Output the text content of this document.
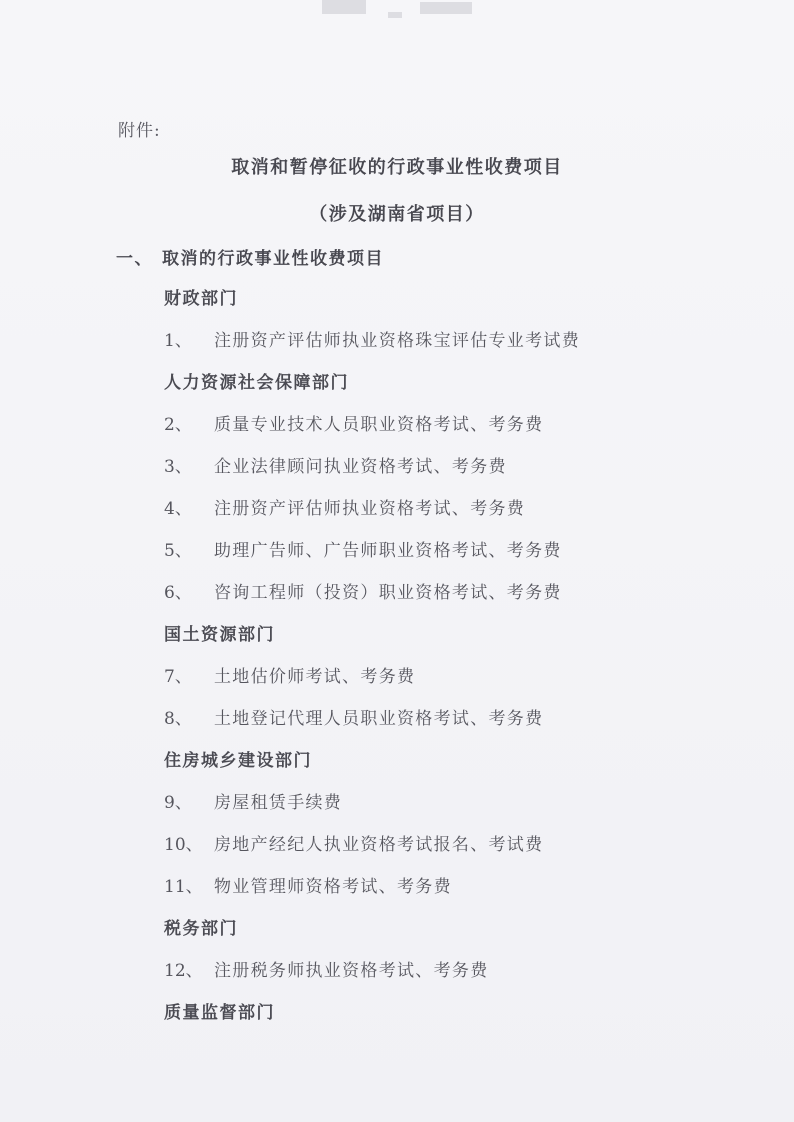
附件:
取消和暂停征收的行政事业性收费项目
（涉及湖南省项目）
一、 取消的行政事业性收费项目
财政部门
1、 注册资产评估师执业资格珠宝评估专业考试费
人力资源社会保障部门
2、 质量专业技术人员职业资格考试、考务费
3、 企业法律顾问执业资格考试、考务费
4、 注册资产评估师执业资格考试、考务费
5、 助理广告师、广告师职业资格考试、考务费
6、 咨询工程师（投资）职业资格考试、考务费
国土资源部门
7、 土地估价师考试、考务费
8、 土地登记代理人员职业资格考试、考务费
住房城乡建设部门
9、 房屋租赁手续费
10、 房地产经纪人执业资格考试报名、考试费
11、 物业管理师资格考试、考务费
税务部门
12、 注册税务师执业资格考试、考务费
质量监督部门
